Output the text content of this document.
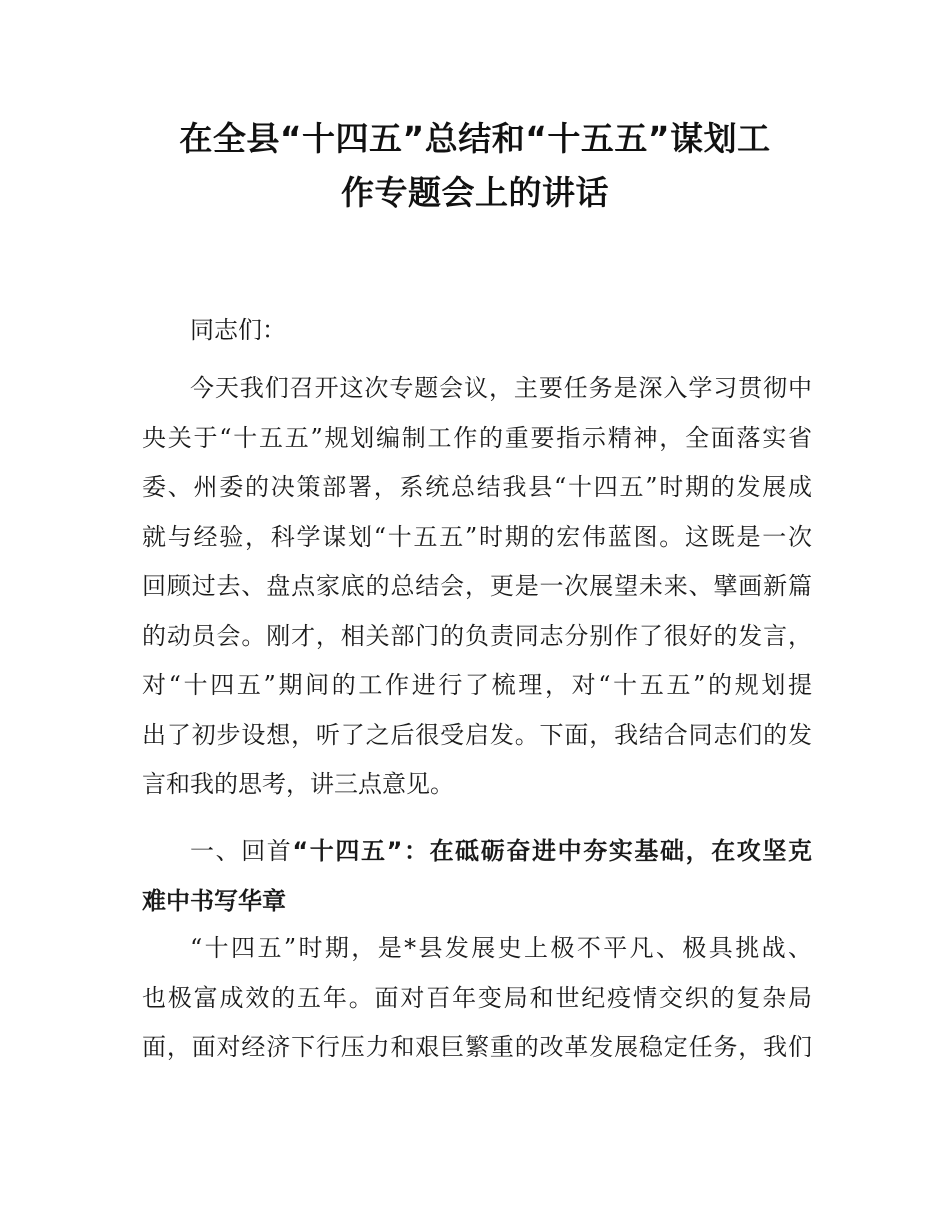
在全县“十四五”总结和“十五五”谋划工
作专题会上的讲话
同志们：
今天我们召开这次专题会议，主要任务是深入学习贯彻中
央关于“十五五”规划编制工作的重要指示精神，全面落实省
委、州委的决策部署，系统总结我县“十四五”时期的发展成
就与经验，科学谋划“十五五”时期的宏伟蓝图。这既是一次
回顾过去、盘点家底的总结会，更是一次展望未来、擘画新篇
的动员会。刚才，相关部门的负责同志分别作了很好的发言，
对“十四五”期间的工作进行了梳理，对“十五五”的规划提
出了初步设想，听了之后很受启发。下面，我结合同志们的发
言和我的思考，讲三点意见。
一、回首“十四五”：在砥砺奋进中夯实基础，在攻坚克
难中书写华章
“十四五”时期，是*县发展史上极不平凡、极具挑战、
也极富成效的五年。面对百年变局和世纪疫情交织的复杂局
面，面对经济下行压力和艰巨繁重的改革发展稳定任务，我们
